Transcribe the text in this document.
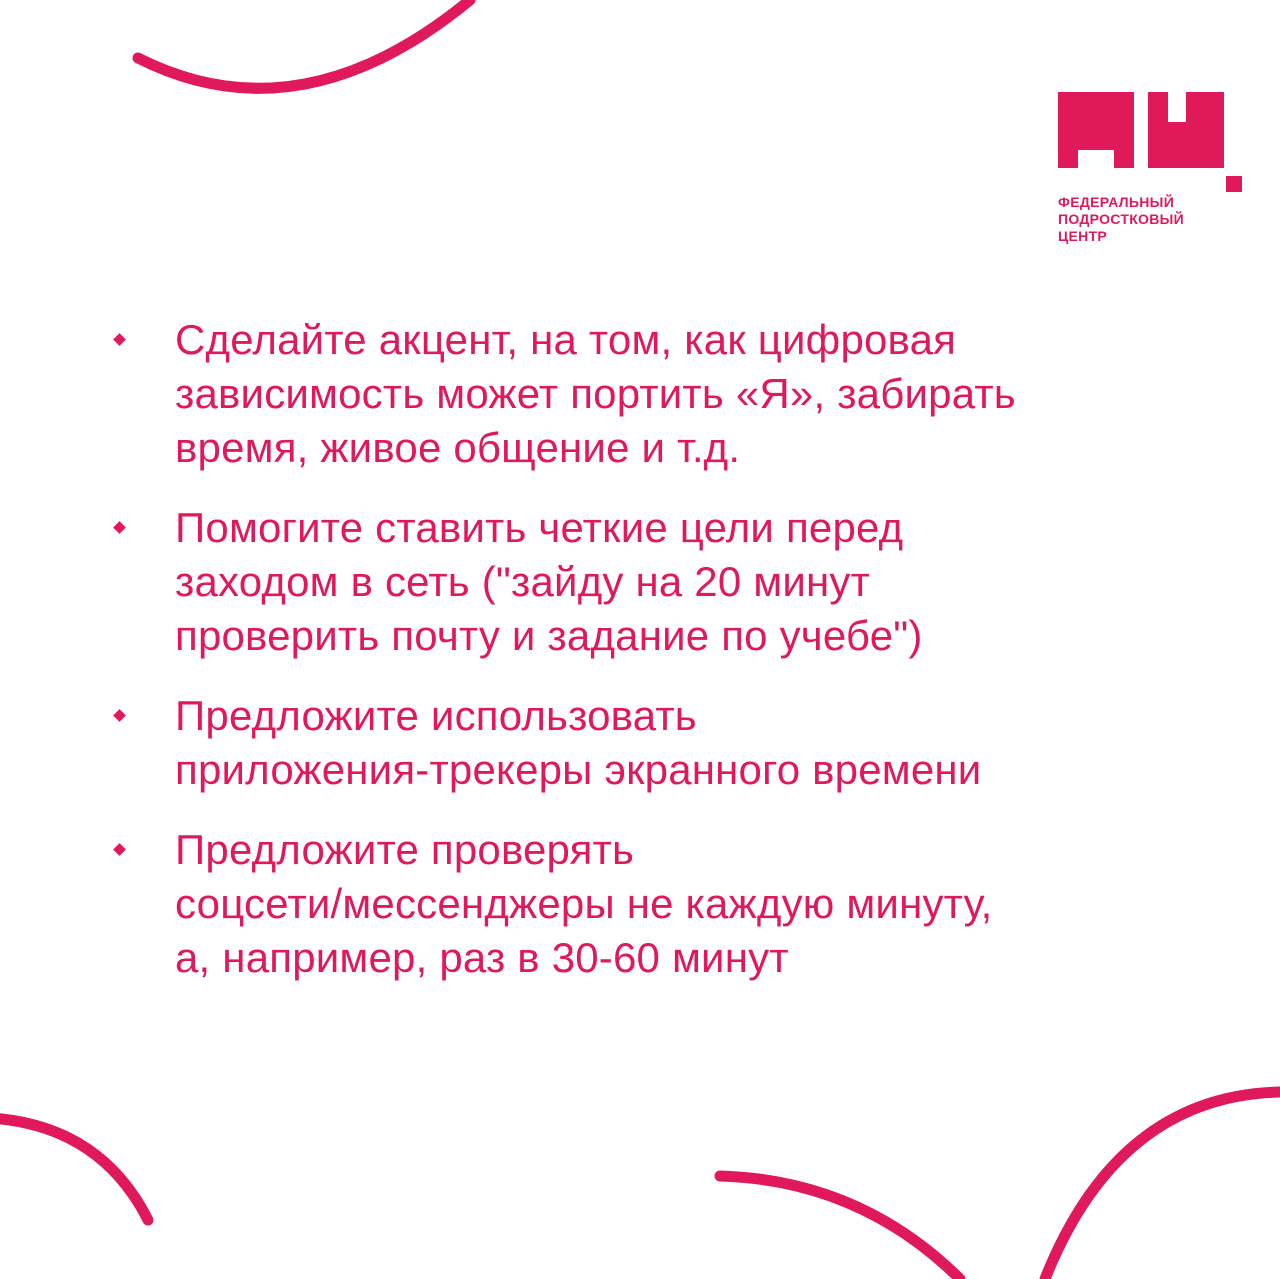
ФЕДЕРАЛЬНЫЙ
ПОДРОСТКОВЫЙ
ЦЕНТР
Сделайте акцент, на том, как цифровая
зависимость может портить «Я», забирать
время, живое общение и т.д.
Помогите ставить четкие цели перед
заходом в сеть ("зайду на 20 минут
проверить почту и задание по учебе")
Предложите использовать
приложения-трекеры экранного времени
Предложите проверять
соцсети/мессенджеры не каждую минуту,
а, например, раз в 30-60 минут
